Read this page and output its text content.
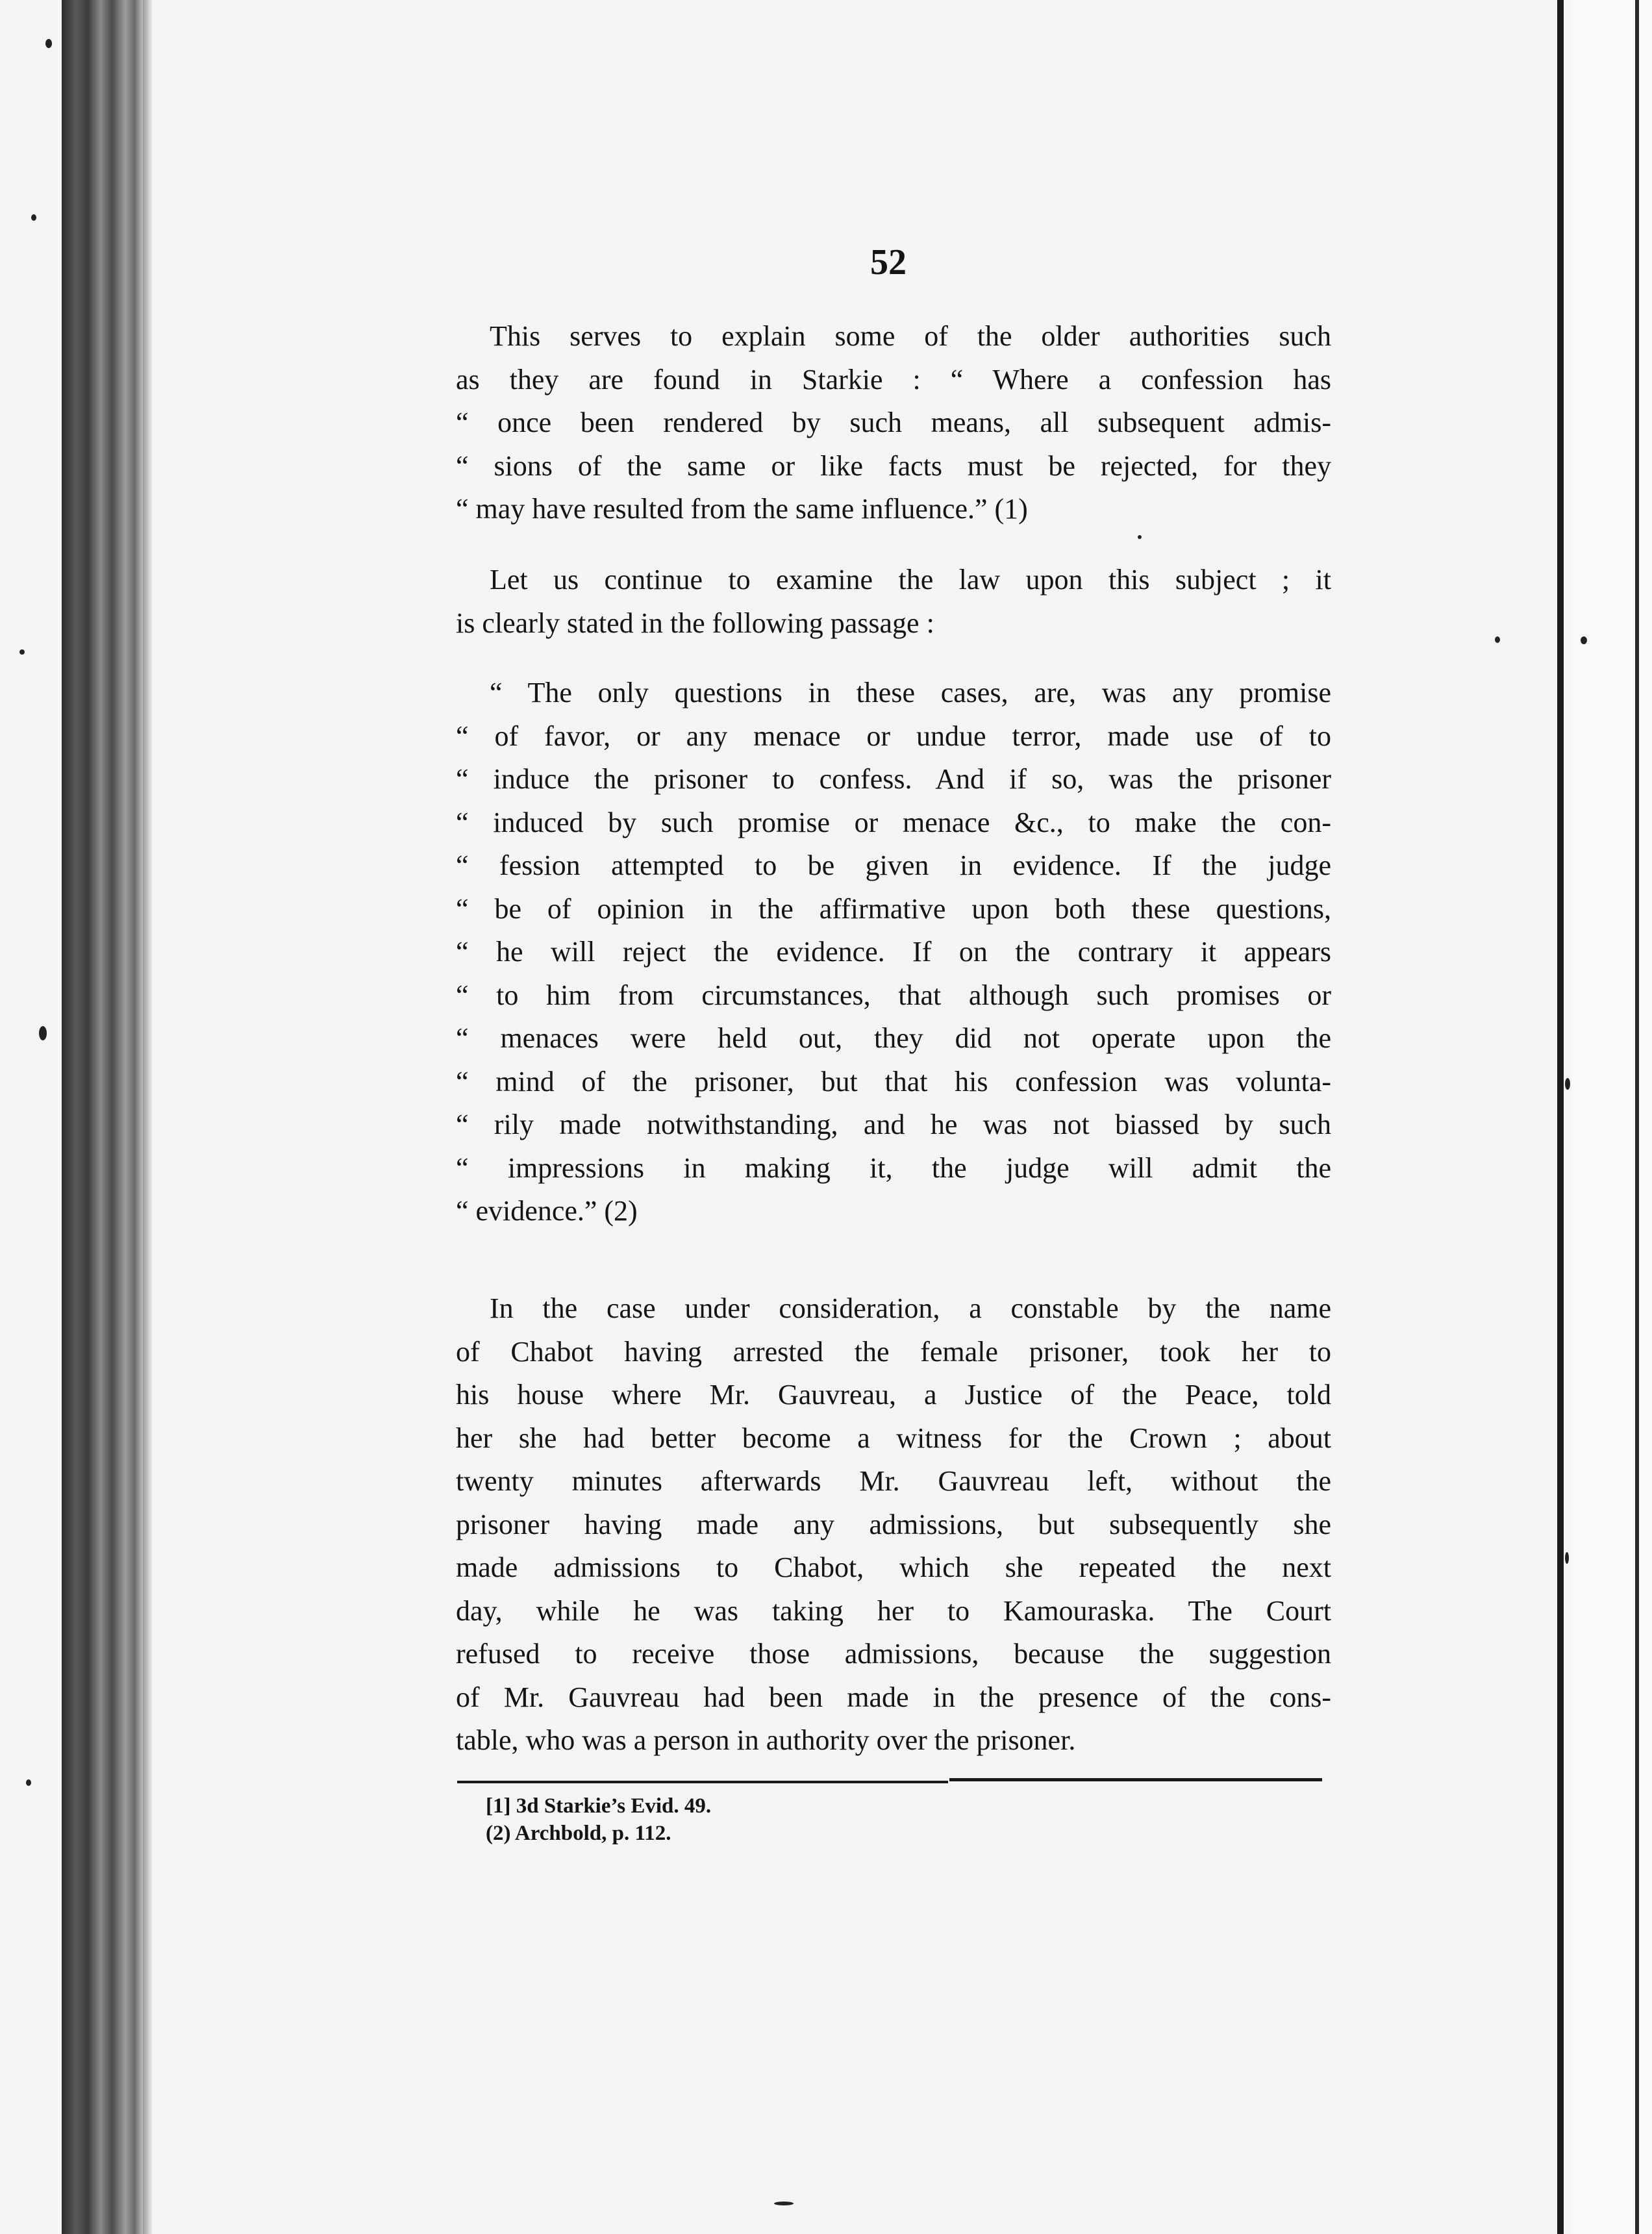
52
This serves to explain some of the older authorities such
as they are found in Starkie : “ Where a confession has
“ once been rendered by such means, all subsequent admis-
“ sions of the same or like facts must be rejected, for they
“ may have resulted from the same influence.” (1)
Let us continue to examine the law upon this subject ; it
is clearly stated in the following passage :
“ The only questions in these cases, are, was any promise
“ of favor, or any menace or undue terror, made use of to
“ induce the prisoner to confess. And if so, was the prisoner
“ induced by such promise or menace &c., to make the con-
“ fession attempted to be given in evidence. If the judge
“ be of opinion in the affirmative upon both these questions,
“ he will reject the evidence. If on the contrary it appears
“ to him from circumstances, that although such promises or
“ menaces were held out, they did not operate upon the
“ mind of the prisoner, but that his confession was volunta-
“ rily made notwithstanding, and he was not biassed by such
“ impressions in making it, the judge will admit the
“ evidence.” (2)
In the case under consideration, a constable by the name
of Chabot having arrested the female prisoner, took her to
his house where Mr. Gauvreau, a Justice of the Peace, told
her she had better become a witness for the Crown ; about
twenty minutes afterwards Mr. Gauvreau left, without the
prisoner having made any admissions, but subsequently she
made admissions to Chabot, which she repeated the next
day, while he was taking her to Kamouraska. The Court
refused to receive those admissions, because the suggestion
of Mr. Gauvreau had been made in the presence of the cons-
table, who was a person in authority over the prisoner.
[1] 3d Starkie’s Evid. 49.
(2) Archbold, p. 112.
